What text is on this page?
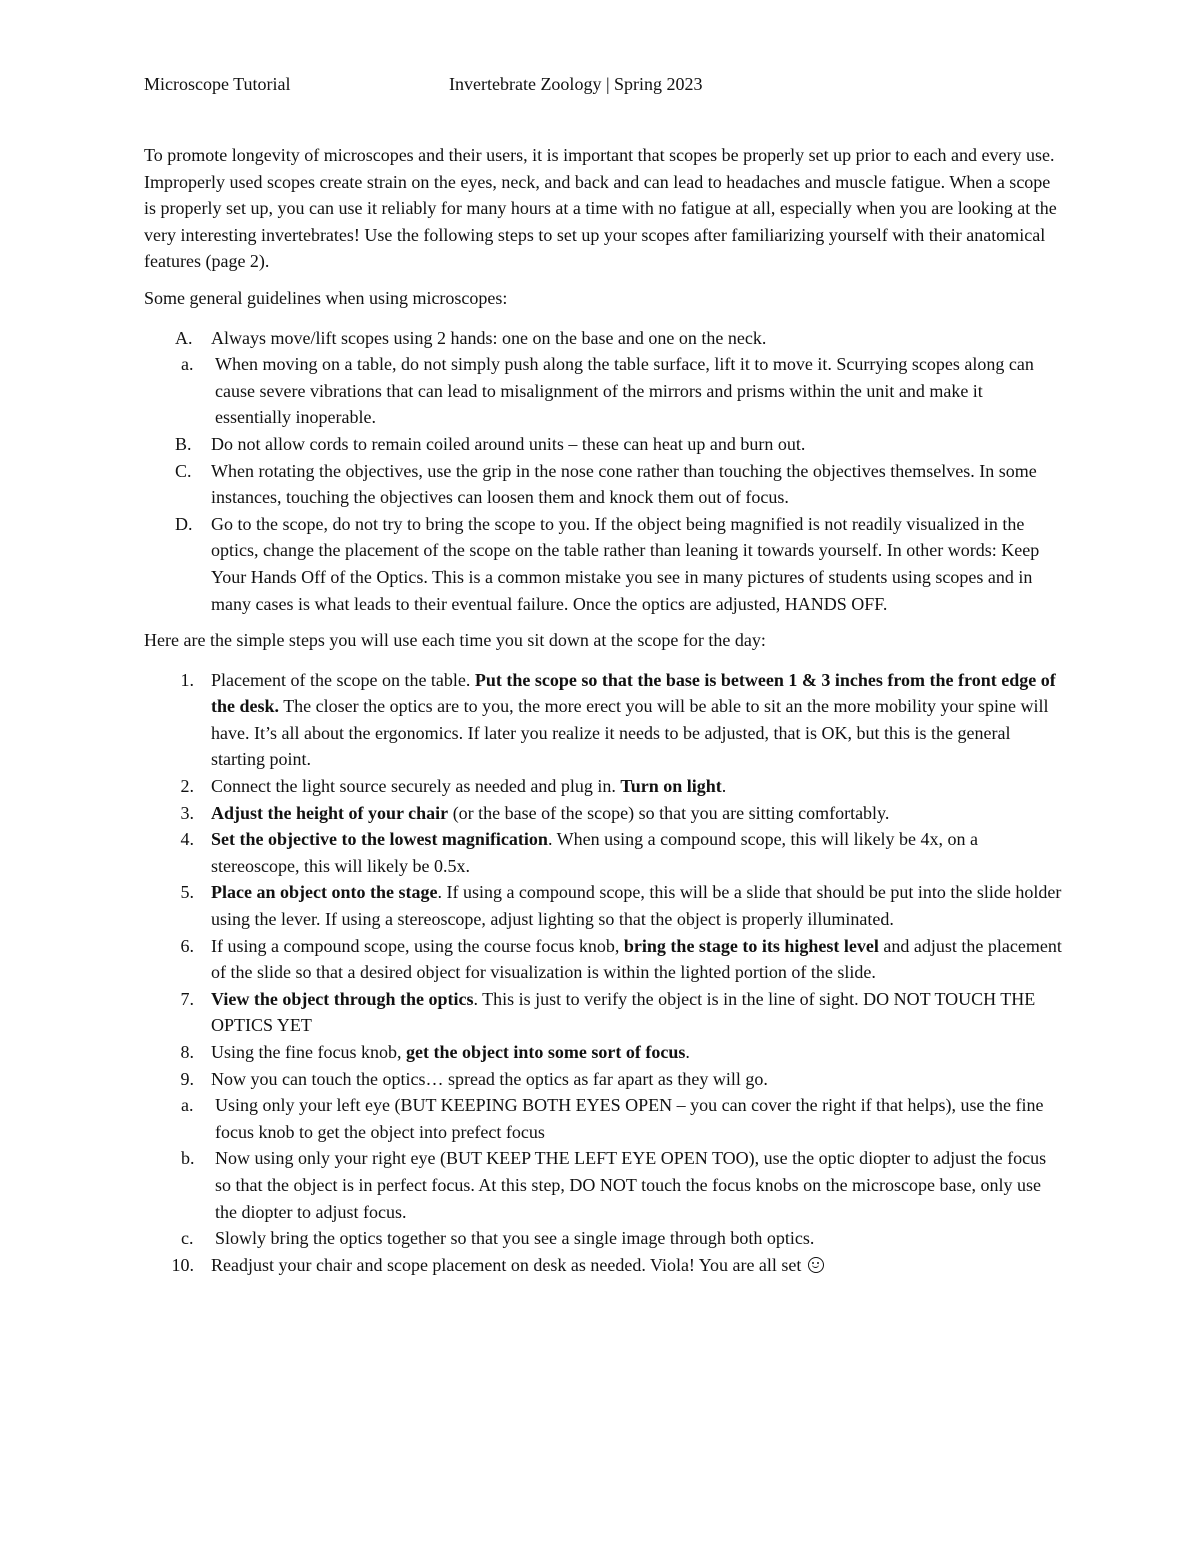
Microscope Tutorial	Invertebrate Zoology | Spring 2023

To promote longevity of microscopes and their users, it is important that scopes be properly set up prior to each and every use. Improperly used scopes create strain on the eyes, neck, and back and can lead to headaches and muscle fatigue. When a scope is properly set up, you can use it reliably for many hours at a time with no fatigue at all, especially when you are looking at the very interesting invertebrates! Use the following steps to set up your scopes after familiarizing yourself with their anatomical features (page 2).

Some general guidelines when using microscopes:

A. Always move/lift scopes using 2 hands: one on the base and one on the neck.
a. When moving on a table, do not simply push along the table surface, lift it to move it. Scurrying scopes along can cause severe vibrations that can lead to misalignment of the mirrors and prisms within the unit and make it essentially inoperable.
B. Do not allow cords to remain coiled around units – these can heat up and burn out.
C. When rotating the objectives, use the grip in the nose cone rather than touching the objectives themselves. In some instances, touching the objectives can loosen them and knock them out of focus.
D. Go to the scope, do not try to bring the scope to you. If the object being magnified is not readily visualized in the optics, change the placement of the scope on the table rather than leaning it towards yourself. In other words: Keep Your Hands Off of the Optics. This is a common mistake you see in many pictures of students using scopes and in many cases is what leads to their eventual failure. Once the optics are adjusted, HANDS OFF.

Here are the simple steps you will use each time you sit down at the scope for the day:

1. Placement of the scope on the table. Put the scope so that the base is between 1 & 3 inches from the front edge of the desk. The closer the optics are to you, the more erect you will be able to sit an the more mobility your spine will have. It’s all about the ergonomics. If later you realize it needs to be adjusted, that is OK, but this is the general starting point.
2. Connect the light source securely as needed and plug in. Turn on light.
3. Adjust the height of your chair (or the base of the scope) so that you are sitting comfortably.
4. Set the objective to the lowest magnification. When using a compound scope, this will likely be 4x, on a stereoscope, this will likely be 0.5x.
5. Place an object onto the stage. If using a compound scope, this will be a slide that should be put into the slide holder using the lever. If using a stereoscope, adjust lighting so that the object is properly illuminated.
6. If using a compound scope, using the course focus knob, bring the stage to its highest level and adjust the placement of the slide so that a desired object for visualization is within the lighted portion of the slide.
7. View the object through the optics. This is just to verify the object is in the line of sight. DO NOT TOUCH THE OPTICS YET
8. Using the fine focus knob, get the object into some sort of focus.
9. Now you can touch the optics… spread the optics as far apart as they will go.
a. Using only your left eye (BUT KEEPING BOTH EYES OPEN – you can cover the right if that helps), use the fine focus knob to get the object into prefect focus
b. Now using only your right eye (BUT KEEP THE LEFT EYE OPEN TOO), use the optic diopter to adjust the focus so that the object is in perfect focus. At this step, DO NOT touch the focus knobs on the microscope base, only use the diopter to adjust focus.
c. Slowly bring the optics together so that you see a single image through both optics.
10. Readjust your chair and scope placement on desk as needed. Viola! You are all set
